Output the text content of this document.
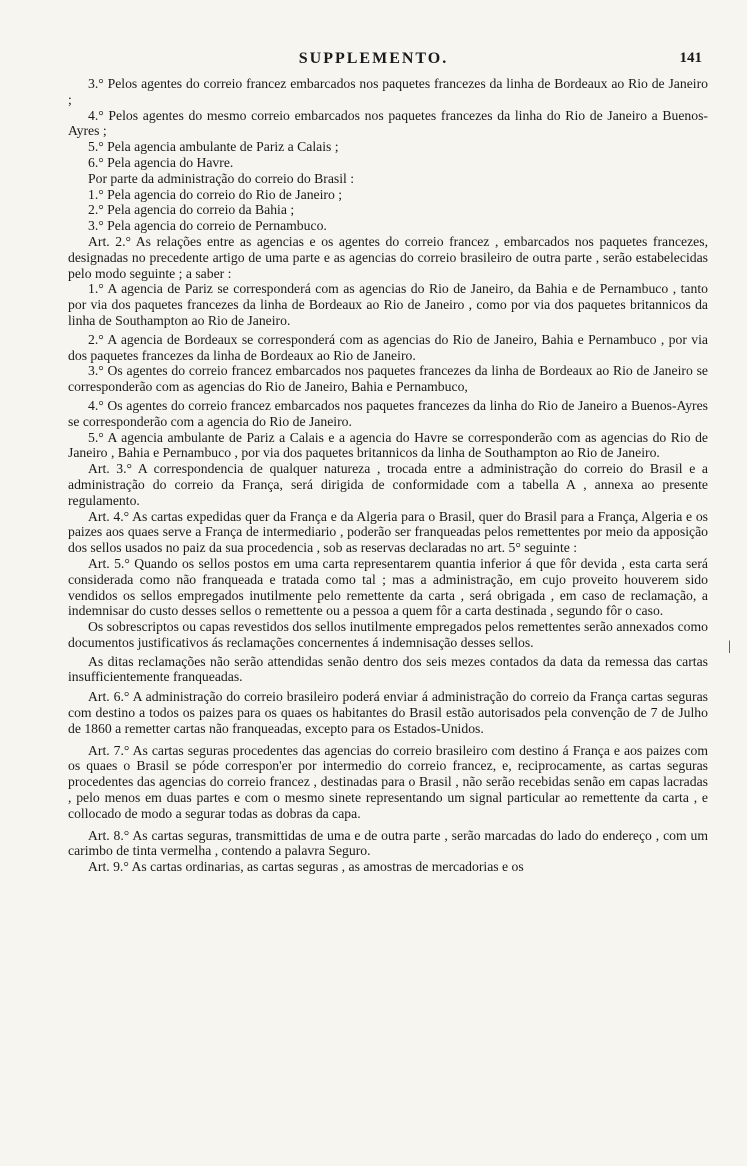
SUPPLEMENTO.	141
|

3.° Pelos agentes do correio francez embarcados nos paquetes francezes da linha de Bordeaux ao Rio de Janeiro ;

4.° Pelos agentes do mesmo correio embarcados nos paquetes francezes da linha do Rio de Janeiro a Buenos-Ayres ;

5.° Pela agencia ambulante de Pariz a Calais ;

6.° Pela agencia do Havre.

Por parte da administração do correio do Brasil :

1.° Pela agencia do correio do Rio de Janeiro ;

2.° Pela agencia do correio da Bahia ;

3.° Pela agencia do correio de Pernambuco.

Art. 2.° As relações entre as agencias e os agentes do correio francez , embarcados nos paquetes francezes, designadas no precedente artigo de uma parte e as agencias do correio brasileiro de outra parte , serão estabelecidas pelo modo seguinte ; a saber :

1.° A agencia de Pariz se corresponderá com as agencias do Rio de Janeiro, da Bahia e de Pernambuco , tanto por via dos paquetes francezes da linha de Bordeaux ao Rio de Janeiro , como por via dos paquetes britannicos da linha de Southampton ao Rio de Janeiro.

2.° A agencia de Bordeaux se corresponderá com as agencias do Rio de Janeiro, Bahia e Pernambuco , por via dos paquetes francezes da linha de Bordeaux ao Rio de Janeiro.

3.° Os agentes do correio francez embarcados nos paquetes francezes da linha de Bordeaux ao Rio de Janeiro se corresponderão com as agencias do Rio de Janeiro, Bahia e Pernambuco,

4.° Os agentes do correio francez embarcados nos paquetes francezes da linha do Rio de Janeiro a Buenos-Ayres se corresponderão com a agencia do Rio de Janeiro.

5.° A agencia ambulante de Pariz a Calais e a agencia do Havre se corresponderão com as agencias do Rio de Janeiro , Bahia e Pernambuco , por via dos paquetes britannicos da linha de Southampton ao Rio de Janeiro.

Art. 3.° A correspondencia de qualquer natureza , trocada entre a administração do correio do Brasil e a administração do correio da França, será dirigida de conformidade com a tabella A , annexa ao presente regulamento.

Art. 4.° As cartas expedidas quer da França e da Algeria para o Brasil, quer do Brasil para a França, Algeria e os paizes aos quaes serve a França de intermediario , poderão ser franqueadas pelos remettentes por meio da apposição dos sellos usados no paiz da sua procedencia , sob as reservas declaradas no art. 5° seguinte :

Art. 5.° Quando os sellos postos em uma carta representarem quantia inferior á que fôr devida , esta carta será considerada como não franqueada e tratada como tal ; mas a administração, em cujo proveito houverem sido vendidos os sellos empregados inutilmente pelo remettente da carta , será obrigada , em caso de reclamação, a indemnisar do custo desses sellos o remettente ou a pessoa a quem fôr a carta destinada , segundo fôr o caso.

Os sobrescriptos ou capas revestidos dos sellos inutilmente empregados pelos remettentes serão annexados como documentos justificativos ás reclamações concernentes á indemnisação desses sellos.

As ditas reclamações não serão attendidas senão dentro dos seis mezes contados da data da remessa das cartas insufficientemente franqueadas.

Art. 6.° A administração do correio brasileiro poderá enviar á administração do correio da França cartas seguras com destino a todos os paizes para os quaes os habitantes do Brasil estão autorisados pela convenção de 7 de Julho de 1860 a remetter cartas não franqueadas, excepto para os Estados-Unidos.

Art. 7.° As cartas seguras procedentes das agencias do correio brasileiro com destino á França e aos paizes com os quaes o Brasil se póde correspon'er por intermedio do correio francez, e, reciprocamente, as cartas seguras procedentes das agencias do correio francez , destinadas para o Brasil , não serão recebidas senão em capas lacradas , pelo menos em duas partes e com o mesmo sinete representando um signal particular ao remettente da carta , e collocado de modo a segurar todas as dobras da capa.

Art. 8.° As cartas seguras, transmittidas de uma e de outra parte , serão marcadas do lado do endereço , com um carimbo de tinta vermelha , contendo a palavra Seguro.

Art. 9.° As cartas ordinarias, as cartas seguras , as amostras de mercadorias e os
